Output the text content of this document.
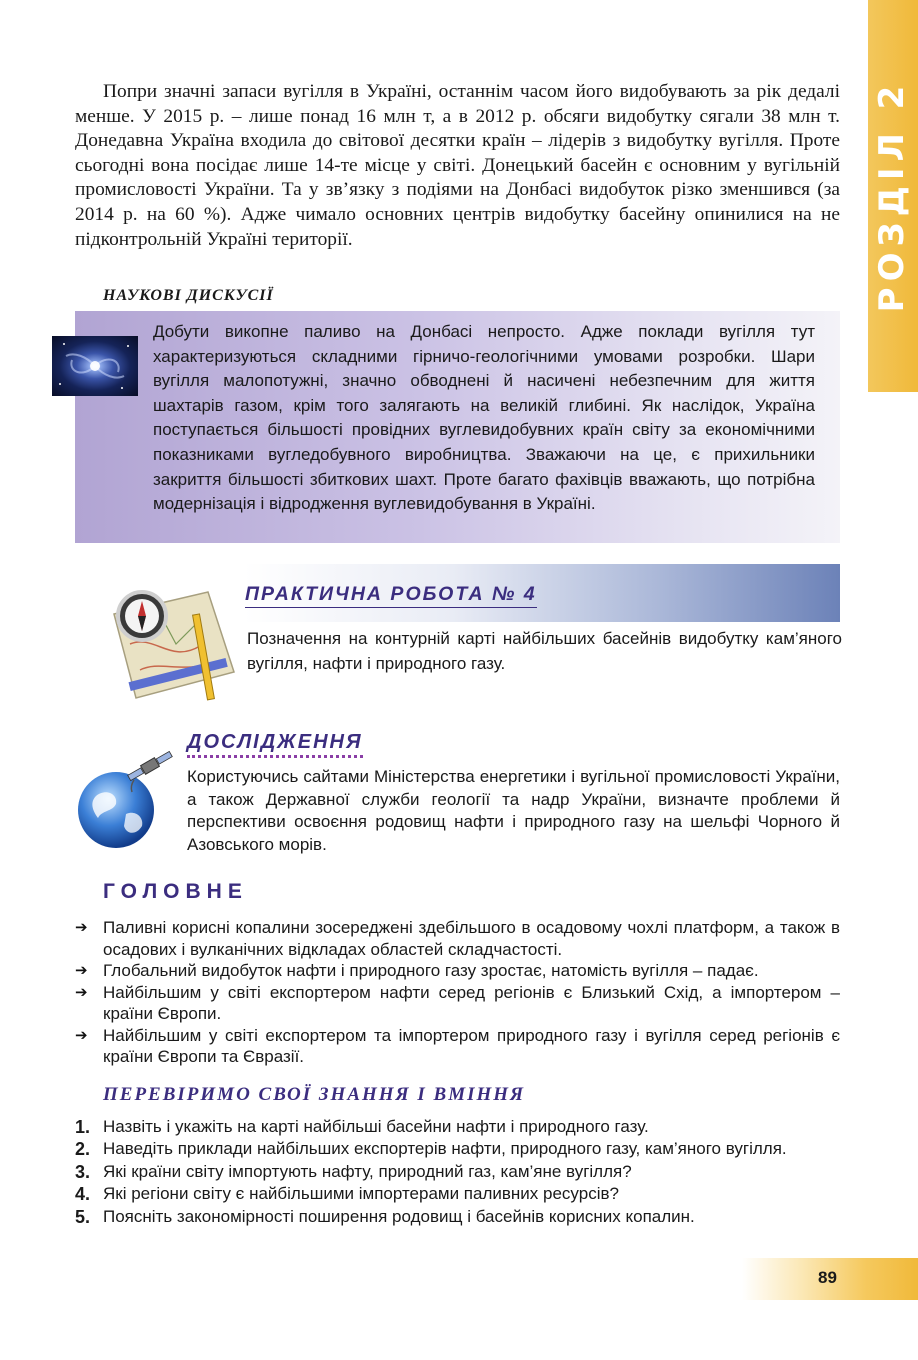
РОЗДІЛ 2

Попри значні запаси вугілля в Україні, останнім часом його видобувають за рік дедалі менше. У 2015 р. – лише понад 16 млн т, а в 2012 р. обсяги видобутку сягали 38 млн т. Донедавна Україна входила до світової десятки країн – лідерів з видобутку вугілля. Проте сьогодні вона посідає лише 14-те місце у світі. Донецький басейн є основним у вугільній промисловості України. Та у зв’язку з подіями на Донбасі видобуток різко зменшився (за 2014 р. на 60 %). Адже чимало основних центрів видобутку басейну опинилися на не підконтрольній Україні території.

НАУКОВІ ДИСКУСІЇ

Добути викопне паливо на Донбасі непросто. Адже поклади вугілля тут характеризуються складними гірничо-геологічними умовами розробки. Шари вугілля малопотужні, значно обводнені й насичені небезпечним для життя шахтарів газом, крім того залягають на великій глибині. Як наслідок, Україна поступається більшості провідних вуглевидобувних країн світу за економічними показниками вугледобувного виробництва. Зважаючи на це, є прихильники закриття більшості збиткових шахт. Проте багато фахівців вважають, що потрібна модернізація і відродження вуглевидобування в Україні.

ПРАКТИЧНА РОБОТА № 4

Позначення на контурній карті найбільших басейнів видобутку кам’яного вугілля, нафти і природного газу.

ДОСЛІДЖЕННЯ

Користуючись сайтами Міністерства енергетики і вугільної промисловості України, а також Державної служби геології та надр України, визначте проблеми й перспективи освоєння родовищ нафти і природного газу на шельфі Чорного й Азовського морів.

ГОЛОВНЕ
➔ Паливні корисні копалини зосереджені здебільшого в осадовому чохлі платформ, а також в осадових і вулканічних відкладах областей складчастості.
➔ Глобальний видобуток нафти і природного газу зростає, натомість вугілля – падає.
➔ Найбільшим у світі експортером нафти серед регіонів є Близький Схід, а імпортером – країни Європи.
➔ Найбільшим у світі експортером та імпортером природного газу і вугілля серед регіонів є країни Європи та Євразії.
ПЕРЕВІРИМО СВОЇ ЗНАННЯ І ВМІННЯ
1. Назвіть і укажіть на карті найбільші басейни нафти і природного газу.
2. Наведіть приклади найбільших експортерів нафти, природного газу, кам’яного вугілля.
3. Які країни світу імпортують нафту, природний газ, кам’яне вугілля?
4. Які регіони світу є найбільшими імпортерами паливних ресурсів?
5. Поясніть закономірності поширення родовищ і басейнів корисних копалин.
89
